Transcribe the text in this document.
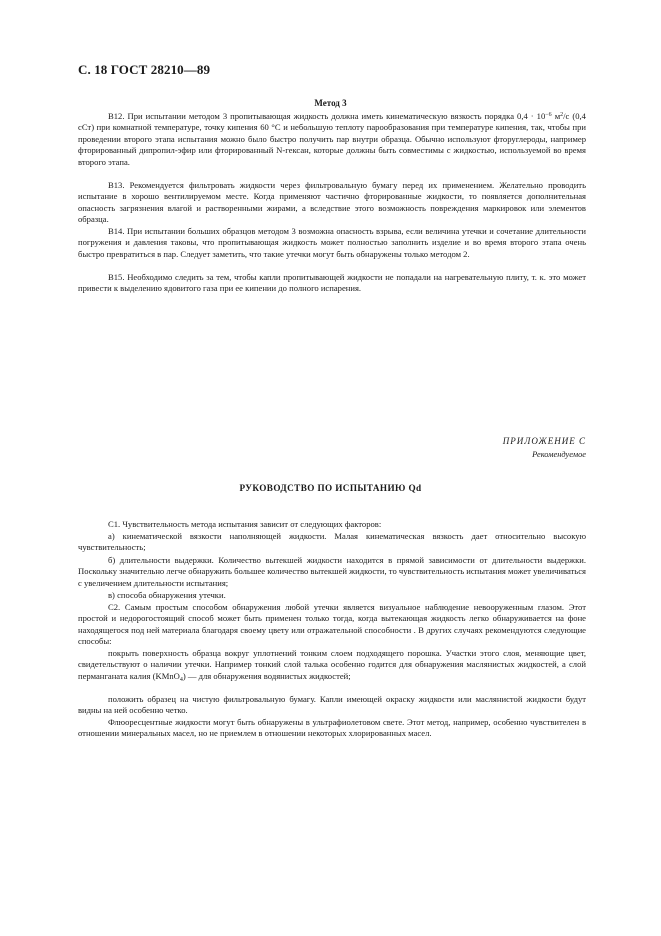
С. 18 ГОСТ 28210—89
Метод 3

В12. При испытании методом 3 пропитывающая жидкость должна иметь кинематическую вязкость порядка $0,4 \cdot 10^{-6}$ $м^2/с$ (0,4 сСт) при комнатной температуре, точку кипения 60 °С и небольшую теплоту парообразования при температуре кипения, так, чтобы при проведении второго этапа испытания можно было быстро получить пар внутри образца. Обычно используют фторуглероды, например фторированный дипропил-эфир или фторированный N-гексан, которые должны быть совместимы с жидкостью, используемой во время второго этапа.

В13. Рекомендуется фильтровать жидкости через фильтровальную бумагу перед их применением. Желательно проводить испытание в хорошо вентилируемом месте. Когда применяют частично фторированные жидкости, то появляется дополнительная опасность загрязнения влагой и растворенными жирами, а вследствие этого возможность повреждения маркировок или элементов образца.

В14. При испытании больших образцов методом 3 возможна опасность взрыва, если величина утечки и сочетание длительности погружения и давления таковы, что пропитывающая жидкость может полностью заполнить изделие и во время второго этапа очень быстро превратиться в пар. Следует заметить, что такие утечки могут быть обнаружены только методом 2.

В15. Необходимо следить за тем, чтобы капли пропитывающей жидкости не попадали на нагревательную плиту, т. к. это может привести к выделению ядовитого газа при ее кипении до полного испарения.

ПРИЛОЖЕНИЕ С
Рекомендуемое
РУКОВОДСТВО ПО ИСПЫТАНИЮ Qd

С1. Чувствительность метода испытания зависит от следующих факторов:

а) кинематической вязкости наполняющей жидкости. Малая кинематическая вязкость дает относительно высокую чувствительность;

б) длительности выдержки. Количество вытекшей жидкости находится в прямой зависимости от длительности выдержки. Поскольку значительно легче обнаружить большее количество вытекшей жидкости, то чувствительность испытания может увеличиваться с увеличением длительности испытания;

в) способа обнаружения утечки.

С2. Самым простым способом обнаружения любой утечки является визуальное наблюдение невооруженным глазом. Этот простой и недорогостоящий способ может быть применен только тогда, когда вытекающая жидкость легко обнаруживается на фоне находящегося под ней материала благодаря своему цвету или отражательной способности . В других случаях рекомендуются следующие способы:

покрыть поверхность образца вокруг уплотнений тонким слоем подходящего порошка. Участки этого слоя, меняющие цвет, свидетельствуют о наличии утечки. Например тонкий слой талька особенно годится для обнаружения маслянистых жидкостей, а слой перманганата калия (KMnO$_4$) — для обнаружения водянистых жидкостей;

положить образец на чистую фильтровальную бумагу. Капли имеющей окраску жидкости или маслянистой жидкости будут видны на ней особенно четко.

Флюоресцентные жидкости могут быть обнаружены в ультрафиолетовом свете. Этот метод, например, особенно чувствителен в отношении минеральных масел, но не приемлем в отношении некоторых хлорированных масел.
